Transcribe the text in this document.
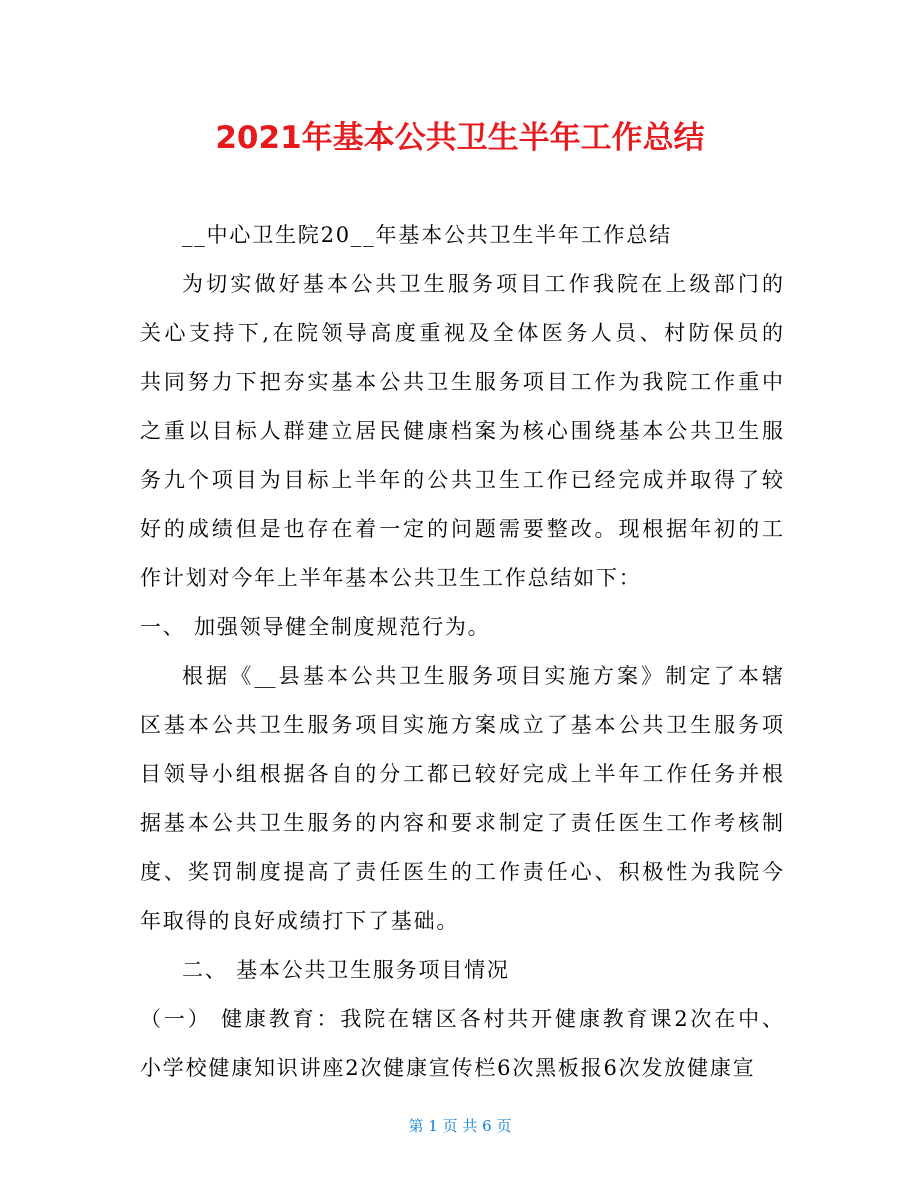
2021年基本公共卫生半年工作总结
__中心卫生院20__年基本公共卫生半年工作总结
为切实做好基本公共卫生服务项目工作我院在上级部门的
关心支持下,在院领导高度重视及全体医务人员、村防保员的
共同努力下把夯实基本公共卫生服务项目工作为我院工作重中
之重以目标人群建立居民健康档案为核心围绕基本公共卫生服
务九个项目为目标上半年的公共卫生工作已经完成并取得了较
好的成绩但是也存在着一定的问题需要整改。现根据年初的工
作计划对今年上半年基本公共卫生工作总结如下：
一、 加强领导健全制度规范行为。
根据《__县基本公共卫生服务项目实施方案》制定了本辖
区基本公共卫生服务项目实施方案成立了基本公共卫生服务项
目领导小组根据各自的分工都已较好完成上半年工作任务并根
据基本公共卫生服务的内容和要求制定了责任医生工作考核制
度、奖罚制度提高了责任医生的工作责任心、积极性为我院今
年取得的良好成绩打下了基础。
二、 基本公共卫生服务项目情况
（一） 健康教育：我院在辖区各村共开健康教育课2次在中、
小学校健康知识讲座2次健康宣传栏6次黑板报6次发放健康宣
第 1 页 共 6 页
